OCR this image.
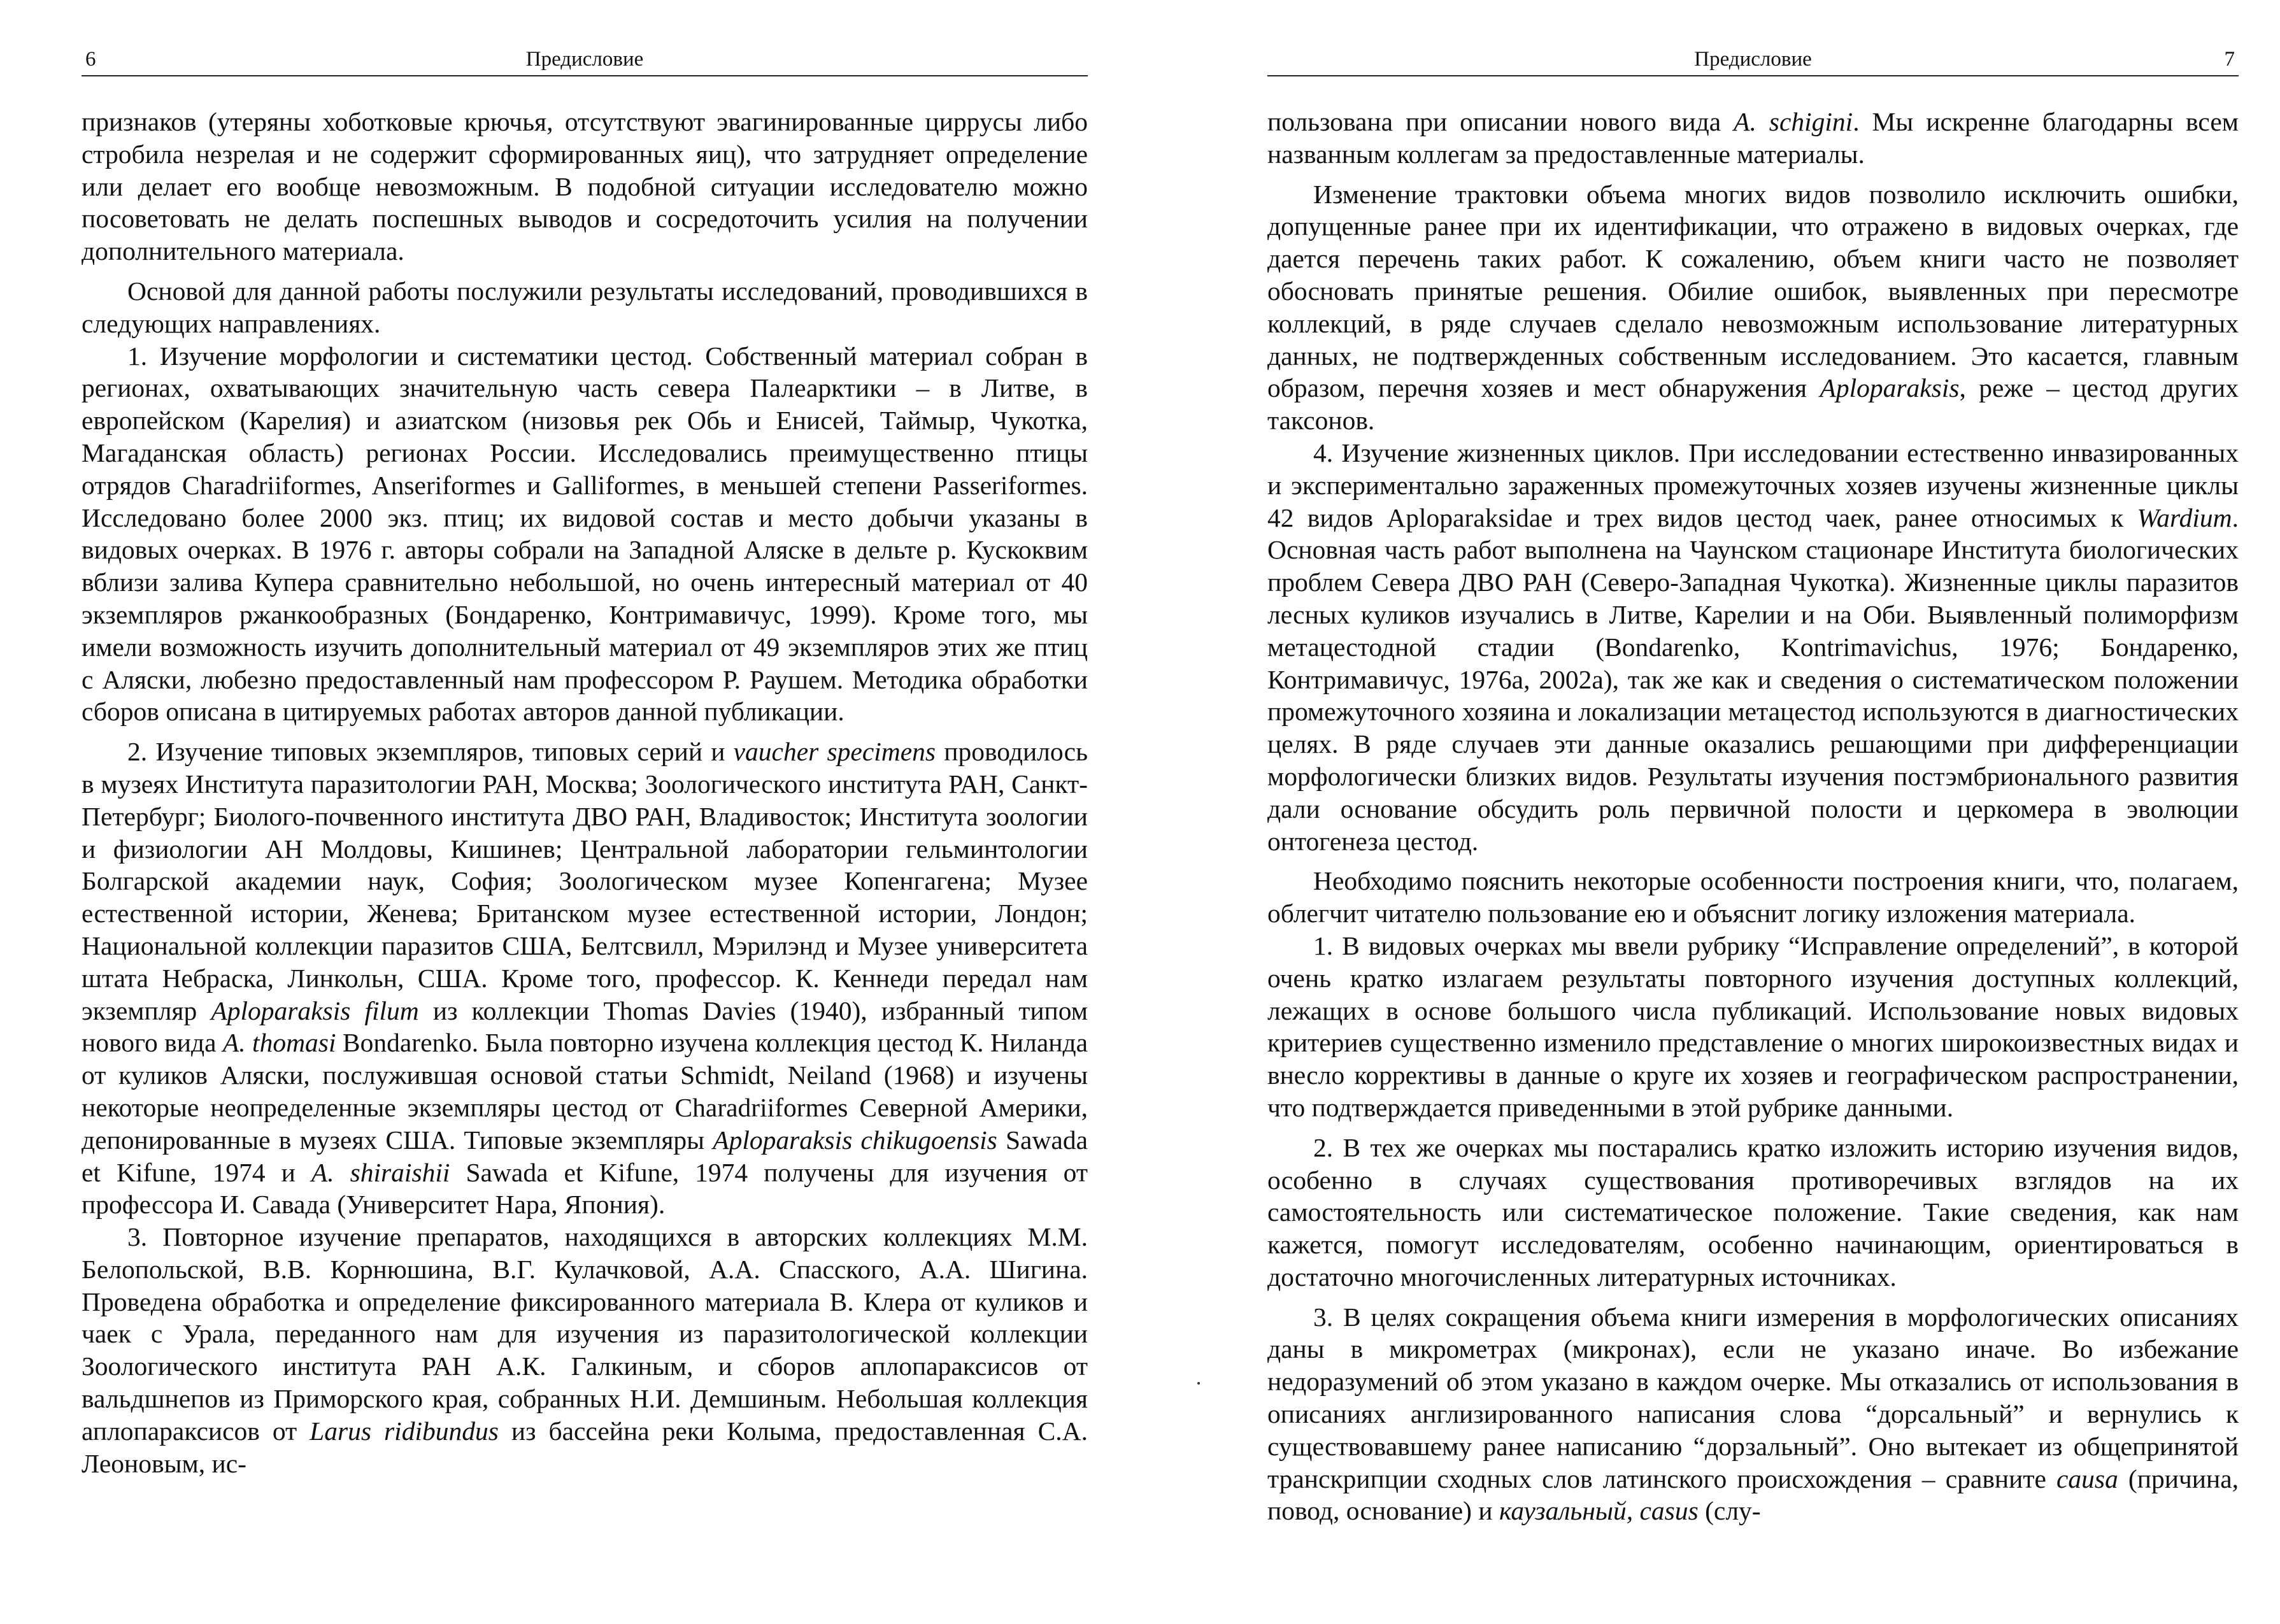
6	Предисловие

признаков (утеряны хоботковые крючья, отсутствуют эвагинированные циррусы либо стробила незрелая и не содержит сформированных яиц), что затрудняет определение или делает его вообще невозможным. В подобной ситуации исследователю можно посоветовать не делать поспешных выводов и сосредоточить усилия на получении дополнительного материала.

Основой для данной работы послужили результаты исследований, проводившихся в следующих направлениях.

1. Изучение морфологии и систематики цестод. Собственный материал собран в регионах, охватывающих значительную часть севера Палеарктики – в Литве, в европейском (Карелия) и азиатском (низовья рек Обь и Енисей, Таймыр, Чукотка, Магаданская область) регионах России. Исследовались преимущественно птицы отрядов Charadriiformes, Anseriformes и Galliformes, в меньшей степени Passeriformes. Исследовано более 2000 экз. птиц; их видовой состав и место добычи указаны в видовых очерках. В 1976 г. авторы собрали на Западной Аляске в дельте р. Кускоквим вблизи залива Купера сравнительно небольшой, но очень интересный материал от 40 экземпляров ржанкообразных (Бондаренко, Контримавичус, 1999). Кроме того, мы имели возможность изучить дополнительный материал от 49 экземпляров этих же птиц с Аляски, любезно предоставленный нам профессором Р. Раушем. Методика обработки сборов описана в цитируемых работах авторов данной публикации.

2. Изучение типовых экземпляров, типовых серий и vaucher specimens проводилось в музеях Института паразитологии РАН, Москва; Зоологического института РАН, Санкт-Петербург; Биолого-почвенного института ДВО РАН, Владивосток; Института зоологии и физиологии АН Молдовы, Кишинев; Центральной лаборатории гельминтологии Болгарской академии наук, София; Зоологическом музее Копенгагена; Музее естественной истории, Женева; Британском музее естественной истории, Лондон; Национальной коллекции паразитов США, Белтсвилл, Мэрилэнд и Музее университета штата Небраска, Линкольн, США. Кроме того, профессор. К. Кеннеди передал нам экземпляр Aploparaksis filum из коллекции Thomas Davies (1940), избранный типом нового вида A. thomasi Bondarenko. Была повторно изучена коллекция цестод К. Ниланда от куликов Аляски, послужившая основой статьи Schmidt, Neiland (1968) и изучены некоторые неопределенные экземпляры цестод от Charadriiformes Северной Америки, депонированные в музеях США. Типовые экземпляры Aploparaksis chikugoensis Sawada et Kifune, 1974 и A. shiraishii Sawada et Kifune, 1974 получены для изучения от профессора И. Савада (Университет Нара, Япония).

3. Повторное изучение препаратов, находящихся в авторских коллекциях М.М. Белопольской, В.В. Корнюшина, В.Г. Кулачковой, А.А. Спасского, А.А. Шигина. Проведена обработка и определение фиксированного материала В. Клера от куликов и чаек с Урала, переданного нам для изучения из паразитологической коллекции Зоологического института РАН А.К. Галкиным, и сборов аплопараксисов от вальдшнепов из Приморского края, собранных Н.И. Демшиным. Небольшая коллекция аплопараксисов от Larus ridibundus из бассейна реки Колыма, предоставленная С.А. Леоновым, ис-

Предисловие	7

пользована при описании нового вида A. schigini. Мы искренне благодарны всем названным коллегам за предоставленные материалы.

Изменение трактовки объема многих видов позволило исключить ошибки, допущенные ранее при их идентификации, что отражено в видовых очерках, где дается перечень таких работ. К сожалению, объем книги часто не позволяет обосновать принятые решения. Обилие ошибок, выявленных при пересмотре коллекций, в ряде случаев сделало невозможным использование литературных данных, не подтвержденных собственным исследованием. Это касается, главным образом, перечня хозяев и мест обнаружения Aploparaksis, реже – цестод других таксонов.

4. Изучение жизненных циклов. При исследовании естественно инвазированных и экспериментально зараженных промежуточных хозяев изучены жизненные циклы 42 видов Aploparaksidae и трех видов цестод чаек, ранее относимых к Wardium. Основная часть работ выполнена на Чаунском стационаре Института биологических проблем Севера ДВО РАН (Северо-Западная Чукотка). Жизненные циклы паразитов лесных куликов изучались в Литве, Карелии и на Оби. Выявленный полиморфизм метацестодной стадии (Bondarenko, Kontrimavichus, 1976; Бондаренко, Контримавичус, 1976а, 2002а), так же как и сведения о систематическом положении промежуточного хозяина и локализации метацестод используются в диагностических целях. В ряде случаев эти данные оказались решающими при дифференциации морфологически близких видов. Результаты изучения постэмбрионального развития дали основание обсудить роль первичной полости и церкомера в эволюции онтогенеза цестод.

Необходимо пояснить некоторые особенности построения книги, что, полагаем, облегчит читателю пользование ею и объяснит логику изложения материала.

1. В видовых очерках мы ввели рубрику “Исправление определений”, в которой очень кратко излагаем результаты повторного изучения доступных коллекций, лежащих в основе большого числа публикаций. Использование новых видовых критериев существенно изменило представление о многих широкоизвестных видах и внесло коррективы в данные о круге их хозяев и географическом распространении, что подтверждается приведенными в этой рубрике данными.

2. В тех же очерках мы постарались кратко изложить историю изучения видов, особенно в случаях существования противоречивых взглядов на их самостоятельность или систематическое положение. Такие сведения, как нам кажется, помогут исследователям, особенно начинающим, ориентироваться в достаточно многочисленных литературных источниках.

3. В целях сокращения объема книги измерения в морфологических описаниях даны в микрометрах (микронах), если не указано иначе. Во избежание недоразумений об этом указано в каждом очерке. Мы отказались от использования в описаниях англизированного написания слова “дорсальный” и вернулись к существовавшему ранее написанию “дорзальный”. Оно вытекает из общепринятой транскрипции сходных слов латинского происхождения – сравните causa (причина, повод, основание) и каузальный, casus (слу-
